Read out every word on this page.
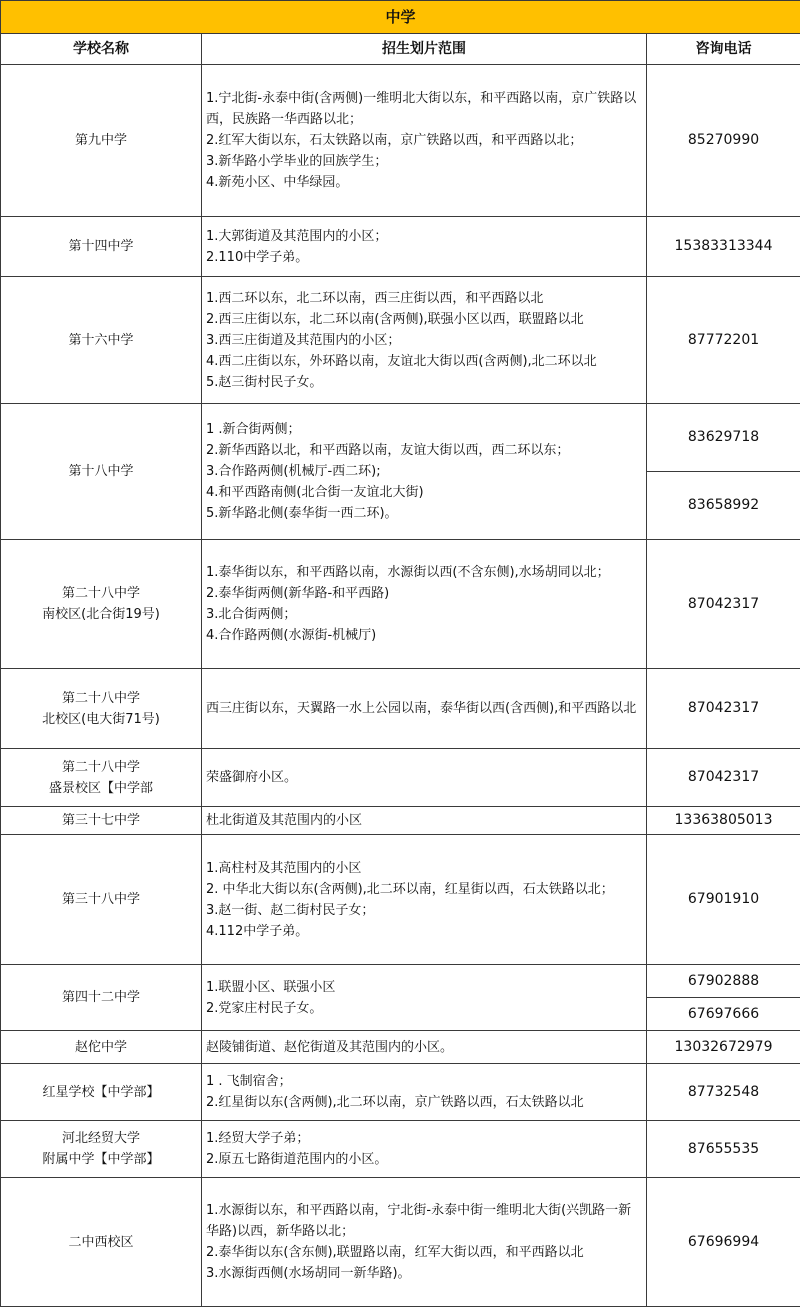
中学		
学校名称	招生划片范围	咨询电话

第九中学	1.宁北街-永泰中街(含两侧)一维明北大街以东，和平西路以南，京广铁路以西，民族路一华西路以北；
2.红军大街以东，石太铁路以南，京广铁路以西，和平西路以北；
3.新华路小学毕业的回族学生；
4.新苑小区、中华绿园。	85270990

第十四中学	1.大郭街道及其范围内的小区；
2.110中学子弟。	15383313344

第十六中学	1.西二环以东，北二环以南，西三庄街以西，和平西路以北
2.西三庄街以东，北二环以南(含两侧),联强小区以西，联盟路以北
3.西三庄街道及其范围内的小区；
4.西二庄街以东，外环路以南，友谊北大街以西(含两侧),北二环以北
5.赵三街村民子女。	87772201

第十八中学	1 .新合街两侧；
2.新华西路以北，和平西路以南，友谊大街以西，西二环以东；
3.合作路两侧(机械厅-西二环);
4.和平西路南侧(北合街一友谊北大街)
5.新华路北侧(泰华街一西二环)。	83629718
		83658992

第二十八中学
南校区(北合街19号)	1.泰华街以东，和平西路以南，水源街以西(不含东侧),水场胡同以北；
2.泰华街两侧(新华路-和平西路)
3.北合街两侧；
4.合作路两侧(水源街-机械厅)	87042317

第二十八中学
北校区(电大街71号)	西三庄街以东，天翼路一水上公园以南，泰华街以西(含西侧),和平西路以北	87042317

第二十八中学
盛景校区【中学部	荣盛御府小区。	87042317

第三十七中学	杜北街道及其范围内的小区	13363805013

第三十八中学	1.高柱村及其范围内的小区
2. 中华北大街以东(含两侧),北二环以南，红星街以西，石太铁路以北；
3.赵一街、赵二街村民子女；
4.112中学子弟。	67901910

第四十二中学	1.联盟小区、联强小区
2.党家庄村民子女。	67902888
		67697666

赵佗中学	赵陵铺街道、赵佗街道及其范围内的小区。	13032672979

红星学校【中学部】	1 . 飞制宿舍；
2.红星街以东(含两侧),北二环以南，京广铁路以西，石太铁路以北	87732548

河北经贸大学
附属中学【中学部】	1.经贸大学子弟；
2.原五七路街道范围内的小区。	87655535

二中西校区	1.水源街以东，和平西路以南，宁北街-永泰中街一维明北大街(兴凯路一新华路)以西，新华路以北；
2.泰华街以东(含东侧),联盟路以南，红军大街以西，和平西路以北
3.水源街西侧(水场胡同一新华路)。	67696994
